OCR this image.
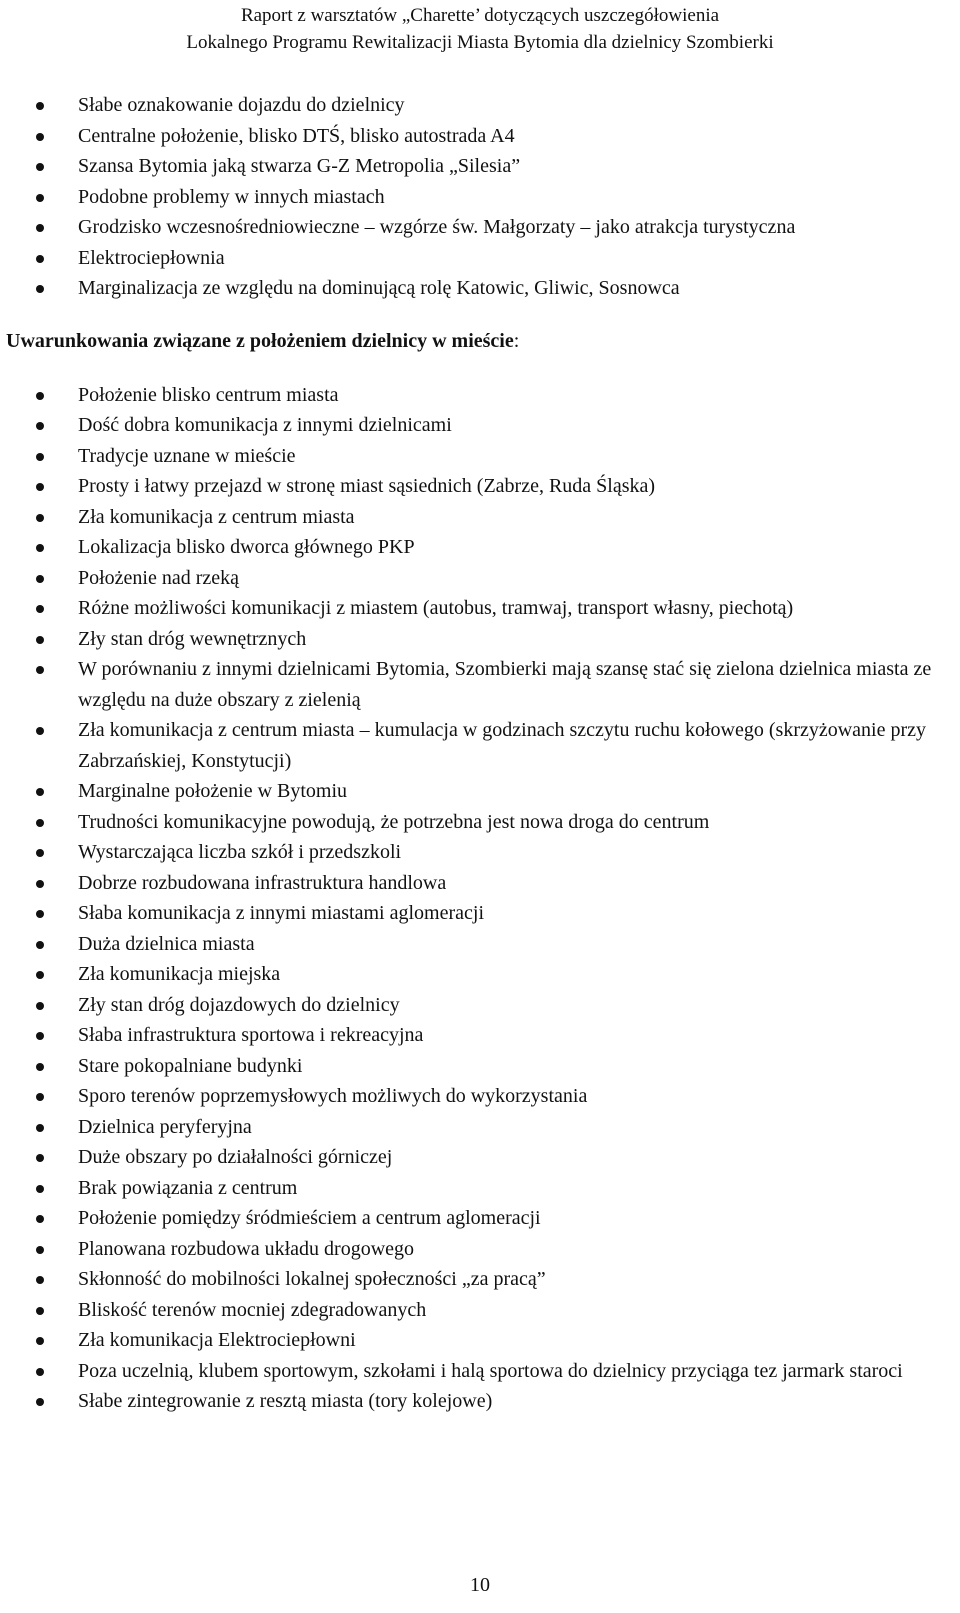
Raport z warsztatów „Charette’ dotyczących uszczegółowienia
Lokalnego Programu Rewitalizacji Miasta Bytomia dla dzielnicy Szombierki
Słabe oznakowanie dojazdu do dzielnicy
Centralne położenie, blisko DTŚ, blisko autostrada A4
Szansa Bytomia jaką stwarza G-Z Metropolia „Silesia”
Podobne problemy w innych miastach
Grodzisko wczesnośredniowieczne – wzgórze św. Małgorzaty – jako atrakcja turystyczna
Elektrociepłownia
Marginalizacja ze względu na dominującą rolę Katowic, Gliwic, Sosnowca
Uwarunkowania związane z położeniem dzielnicy w mieście:
Położenie blisko centrum miasta
Dość dobra komunikacja z innymi dzielnicami
Tradycje uznane w mieście
Prosty i łatwy przejazd w stronę miast sąsiednich (Zabrze, Ruda Śląska)
Zła komunikacja z centrum miasta
Lokalizacja blisko dworca głównego PKP
Położenie nad rzeką
Różne możliwości komunikacji z miastem (autobus, tramwaj, transport własny, piechotą)
Zły stan dróg wewnętrznych
W porównaniu z innymi dzielnicami Bytomia, Szombierki mają szansę stać się zielona dzielnica miasta ze względu na duże obszary z zielenią
Zła komunikacja z centrum miasta – kumulacja w godzinach szczytu ruchu kołowego (skrzyżowanie przy Zabrzańskiej, Konstytucji)
Marginalne położenie w Bytomiu
Trudności komunikacyjne powodują, że potrzebna jest nowa droga do centrum
Wystarczająca liczba szkół i przedszkoli
Dobrze rozbudowana infrastruktura handlowa
Słaba komunikacja z innymi miastami aglomeracji
Duża dzielnica miasta
Zła komunikacja miejska
Zły stan dróg dojazdowych do dzielnicy
Słaba infrastruktura sportowa i rekreacyjna
Stare pokopalniane budynki
Sporo terenów poprzemysłowych możliwych do wykorzystania
Dzielnica peryferyjna
Duże obszary po działalności górniczej
Brak powiązania z centrum
Położenie pomiędzy śródmieściem a centrum aglomeracji
Planowana rozbudowa układu drogowego
Skłonność do mobilności lokalnej społeczności „za pracą”
Bliskość terenów mocniej zdegradowanych
Zła komunikacja Elektrociepłowni
Poza uczelnią, klubem sportowym, szkołami i halą sportowa do dzielnicy przyciąga tez jarmark staroci
Słabe zintegrowanie z resztą miasta (tory kolejowe)
10
